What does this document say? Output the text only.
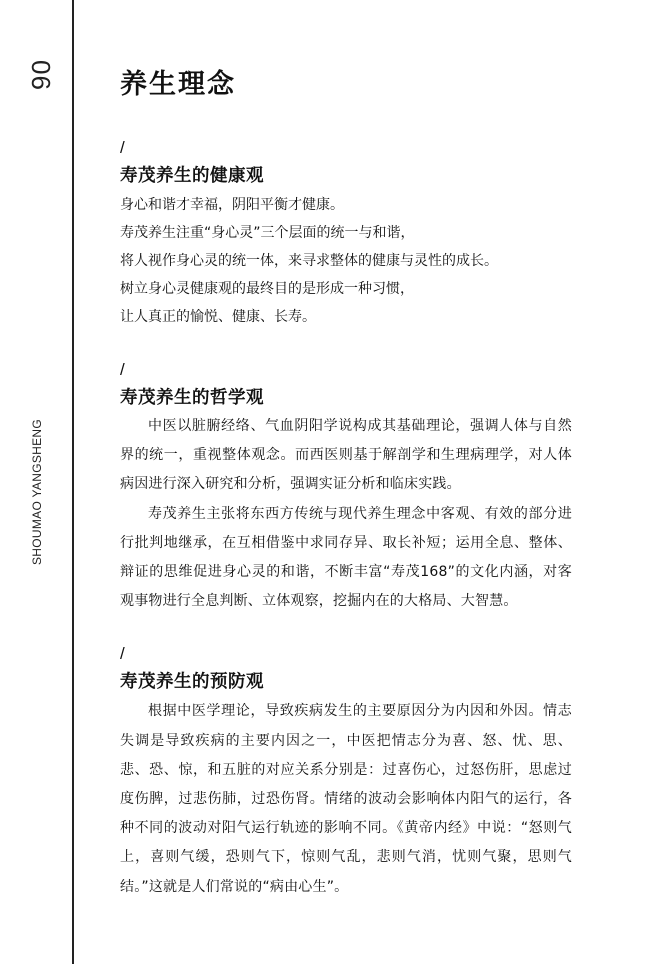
06
SHOUMAO YANGSHENG
养生理念
/
寿茂养生的健康观

身心和谐才幸福，阴阳平衡才健康。

寿茂养生注重“身心灵”三个层面的统一与和谐，

将人视作身心灵的统一体，来寻求整体的健康与灵性的成长。

树立身心灵健康观的最终目的是形成一种习惯，

让人真正的愉悦、健康、长寿。

/
寿茂养生的哲学观

中医以脏腑经络、气血阴阳学说构成其基础理论，强调人体与自然界的统一，重视整体观念。而西医则基于解剖学和生理病理学，对人体病因进行深入研究和分析，强调实证分析和临床实践。

寿茂养生主张将东西方传统与现代养生理念中客观、有效的部分进行批判地继承，在互相借鉴中求同存异、取长补短；运用全息、整体、辩证的思维促进身心灵的和谐，不断丰富“寿茂168”的文化内涵，对客观事物进行全息判断、立体观察，挖掘内在的大格局、大智慧。

/
寿茂养生的预防观

根据中医学理论，导致疾病发生的主要原因分为内因和外因。情志失调是导致疾病的主要内因之一，中医把情志分为喜、怒、忧、思、悲、恐、惊，和五脏的对应关系分别是：过喜伤心，过怒伤肝，思虑过度伤脾，过悲伤肺，过恐伤肾。情绪的波动会影响体内阳气的运行，各种不同的波动对阳气运行轨迹的影响不同。《黄帝内经》中说：“怒则气上，喜则气缓，恐则气下，惊则气乱，悲则气消，忧则气聚，思则气结。”这就是人们常说的“病由心生”。
